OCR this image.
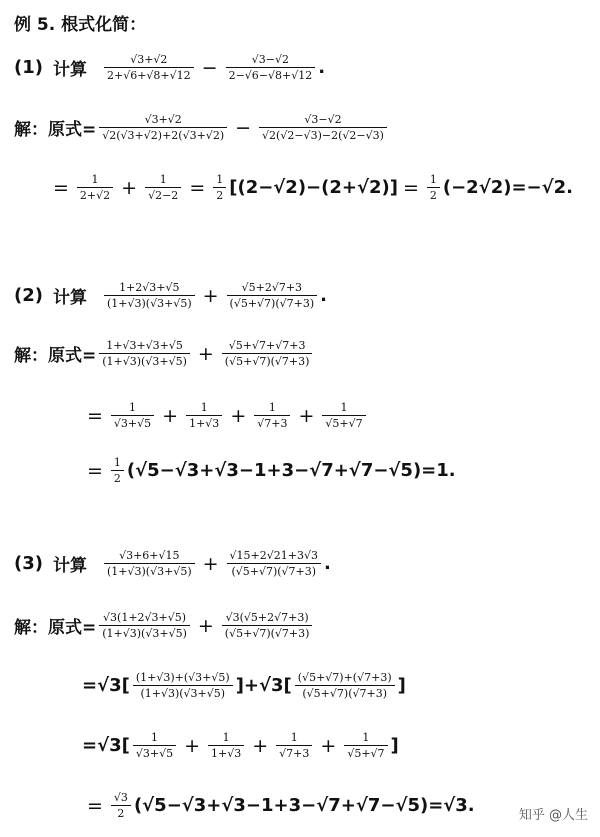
例 5. 根式化简：
(1) 计算 $\frac{√3+√2}{2+√6+√8+√12} - \frac{√3-√2}{2-√6-√8+√12}$ .
解：原式= $\frac{√3+√2}{√2(√3+√2)+2(√3+√2)} - \frac{√3-√2}{√2(√2-√3)-2(√2-√3)}$
= $\frac{1}{2+√2} + \frac{1}{√2-2} = \frac{1}{2} [(2-√2)-(2+√2)] = \frac{1}{2} (-2√2)=-√2$.
(2) 计算 $\frac{1+2√3+√5}{(1+√3)(√3+√5)} + \frac{√5+2√7+3}{(√5+√7)(√7+3)}$ .
解：原式= $\frac{1+√3+√3+√5}{(1+√3)(√3+√5)} + \frac{√5+√7+√7+3}{(√5+√7)(√7+3)}$
= $\frac{1}{√3+√5} + \frac{1}{1+√3} + \frac{1}{√7+3} + \frac{1}{√5+√7}$
= $\frac{1}{2} (√5-√3+√3-1+3-√7+√7-√5)=1$.
(3) 计算 $\frac{√3+6+√15}{(1+√3)(√3+√5)} + \frac{√15+2√21+3√3}{(√5+√7)(√7+3)}$ .
解：原式= $\frac{√3(1+2√3+√5)}{(1+√3)(√3+√5)} + \frac{√3(√5+2√7+3)}{(√5+√7)(√7+3)}$
$=√3[ \frac{(1+√3)+(√3+√5)}{(1+√3)(√3+√5)} ]+√3[ \frac{(√5+√7)+(√7+3)}{(√5+√7)(√7+3)}$ ]
$=√3[ \frac{1}{√3+√5} + \frac{1}{1+√3} + \frac{1}{√7+3} + \frac{1}{√5+√7}$ ]
= $\frac{√3}{2} (√5-√3+√3-1+3-√7+√7-√5)=√3$.	知乎 @人生
